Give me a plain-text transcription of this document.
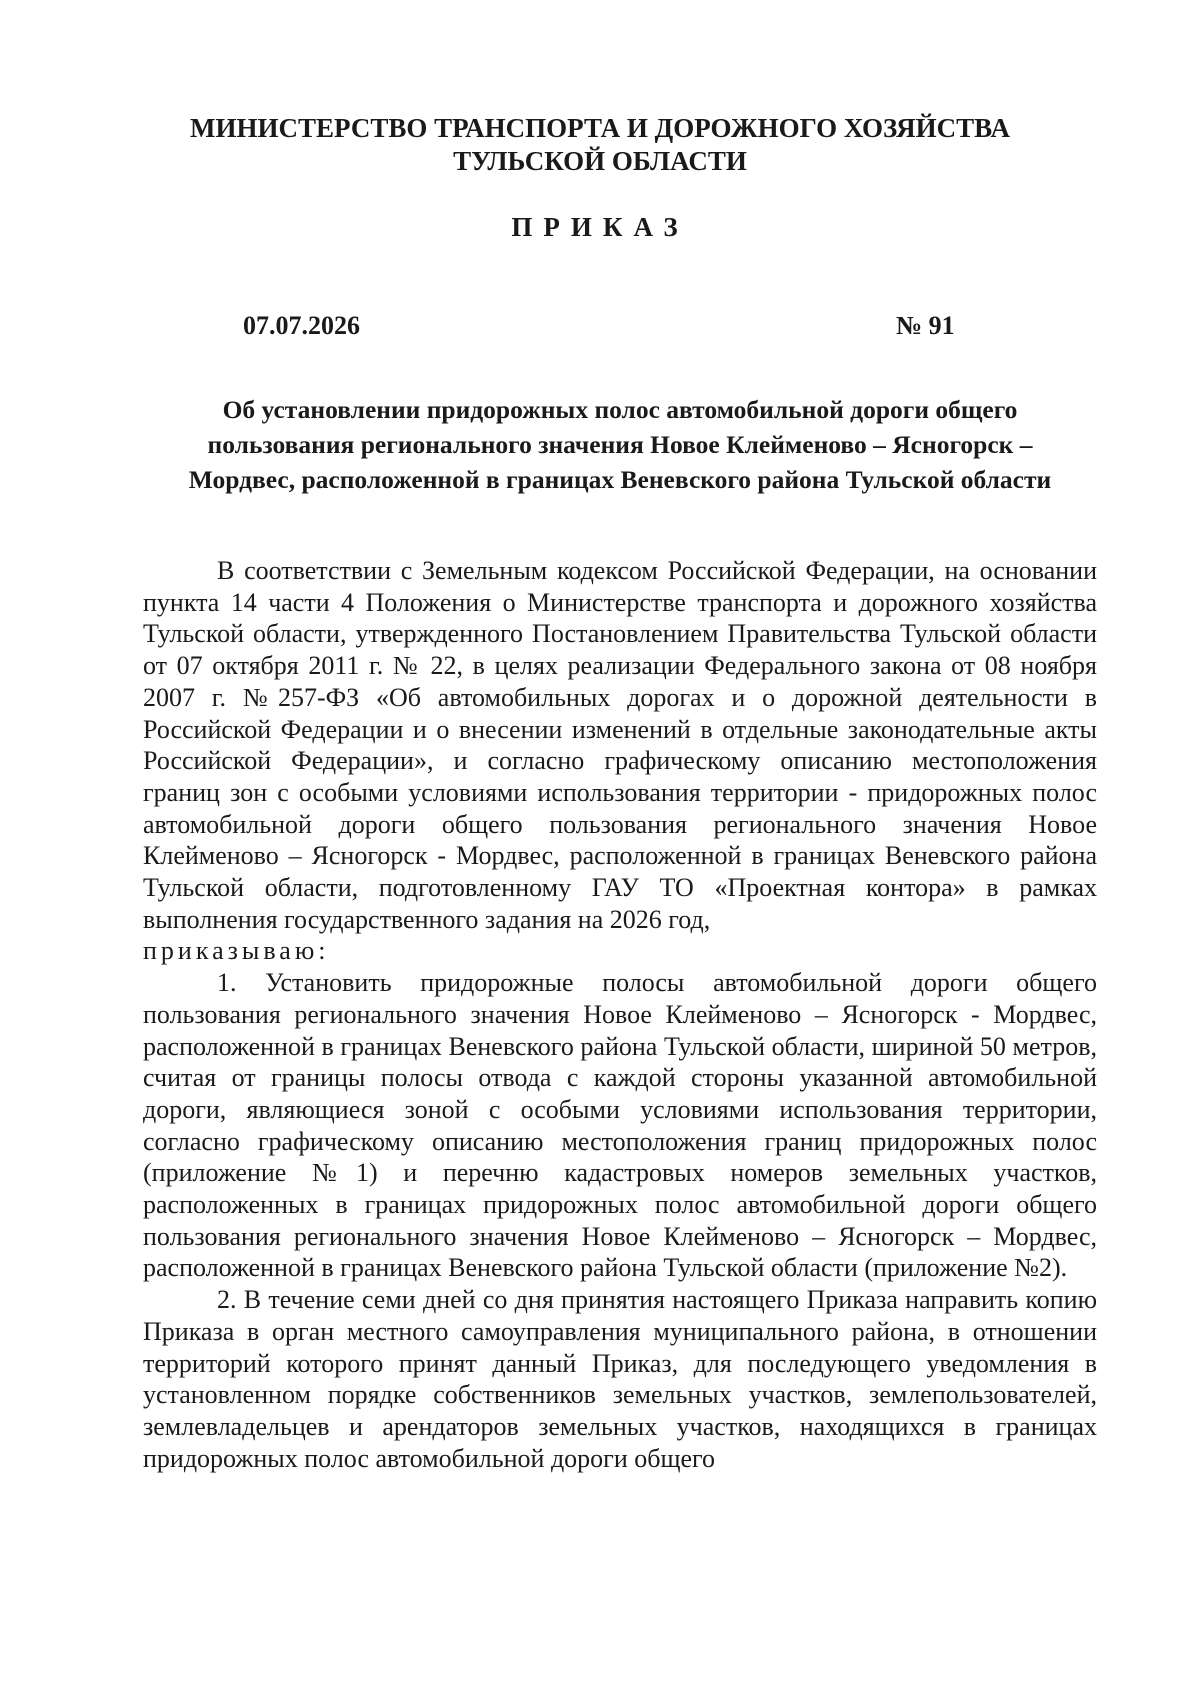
МИНИСТЕРСТВО ТРАНСПОРТА И ДОРОЖНОГО ХОЗЯЙСТВА
ТУЛЬСКОЙ ОБЛАСТИ
ПРИКАЗ
07.07.2026	№ 91
Об установлении придорожных полос автомобильной дороги общего
пользования регионального значения Новое Клейменово – Ясногорск –
Мордвес, расположенной в границах Веневского района Тульской области

В соответствии с Земельным кодексом Российской Федерации, на основании пункта 14 части 4 Положения о Министерстве транспорта и дорожного хозяйства Тульской области, утвержденного Постановлением Правительства Тульской области от 07 октября 2011 г. № 22, в целях реализации Федерального закона от 08 ноября 2007 г. №257-ФЗ «Об автомобильных дорогах и о дорожной деятельности в Российской Федерации и о внесении изменений в отдельные законодательные акты Российской Федерации», и согласно графическому описанию местоположения границ зон с особыми условиями использования территории - придорожных полос автомобильной дороги общего пользования регионального значения Новое Клейменово – Ясногорск - Мордвес, расположенной в границах Веневского района Тульской области, подготовленному ГАУ ТО «Проектная контора» в рамках выполнения государственного задания на 2026 год,

приказываю:

1. Установить придорожные полосы автомобильной дороги общего пользования регионального значения Новое Клейменово – Ясногорск - Мордвес, расположенной в границах Веневского района Тульской области, шириной 50 метров, считая от границы полосы отвода с каждой стороны указанной автомобильной дороги, являющиеся зоной с особыми условиями использования территории, согласно графическому описанию местоположения границ придорожных полос (приложение №1) и перечню кадастровых номеров земельных участков, расположенных в границах придорожных полос автомобильной дороги общего пользования регионального значения Новое Клейменово – Ясногорск – Мордвес, расположенной в границах Веневского района Тульской области (приложение №2).

2. В течение семи дней со дня принятия настоящего Приказа направить копию Приказа в орган местного самоуправления муниципального района, в отношении территорий которого принят данный Приказ, для последующего уведомления в установленном порядке собственников земельных участков, землепользователей, землевладельцев и арендаторов земельных участков, находящихся в границах придорожных полос автомобильной дороги общего
